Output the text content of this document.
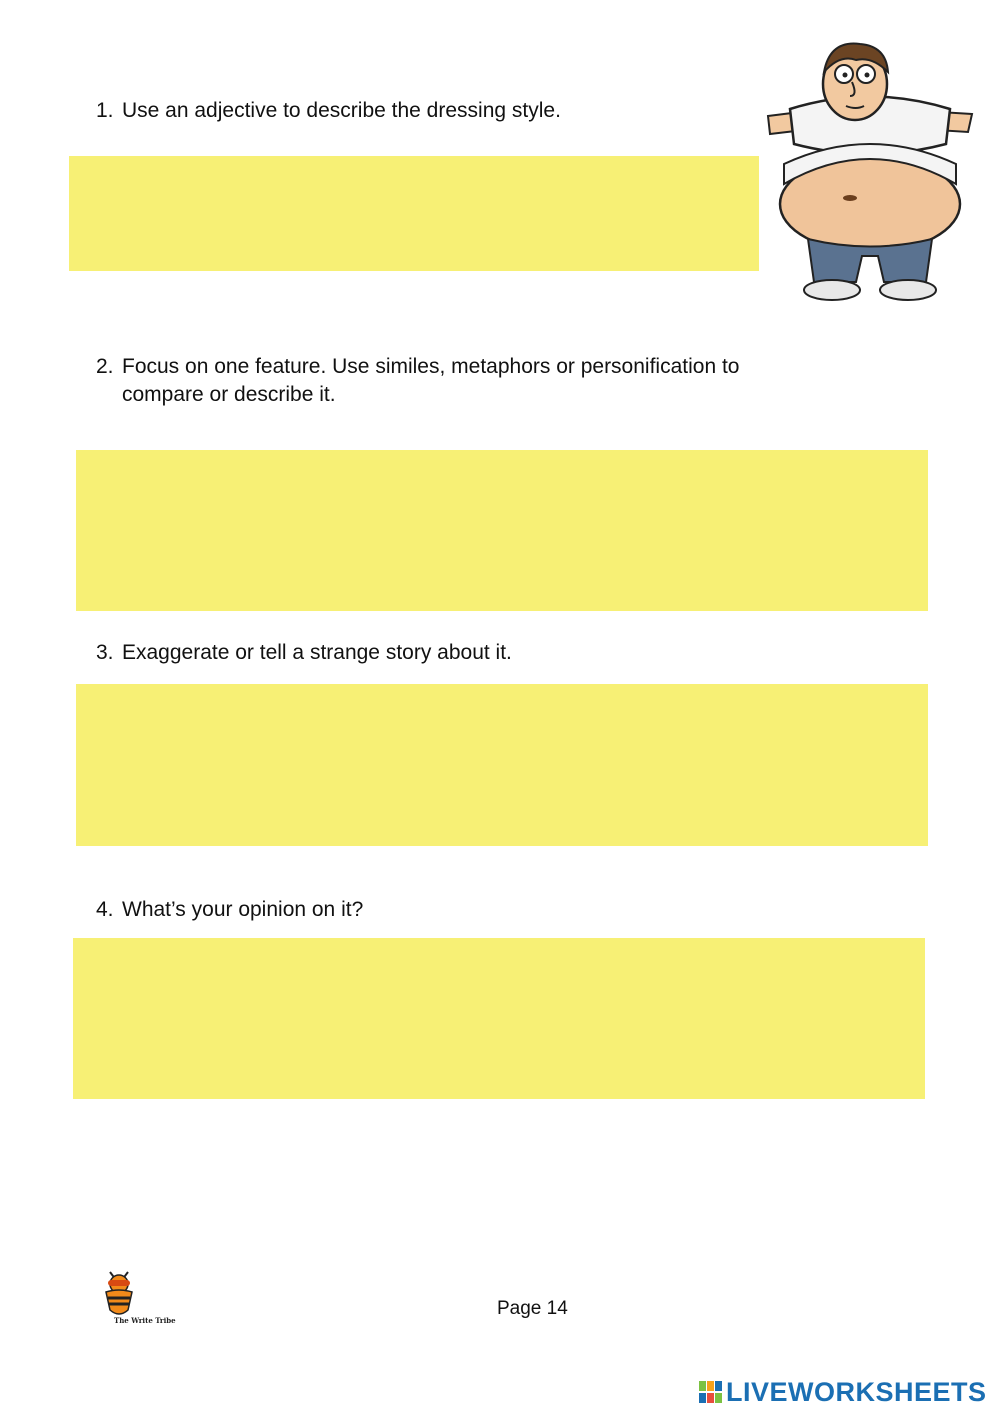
1. Use an adjective to describe the dressing style.
2. Focus on one feature. Use similes, metaphors or personification to
compare or describe it.
3. Exaggerate or tell a strange story about it.
4. What’s your opinion on it?
The Write Tribe
Page 14
LIVEWORKSHEETS
